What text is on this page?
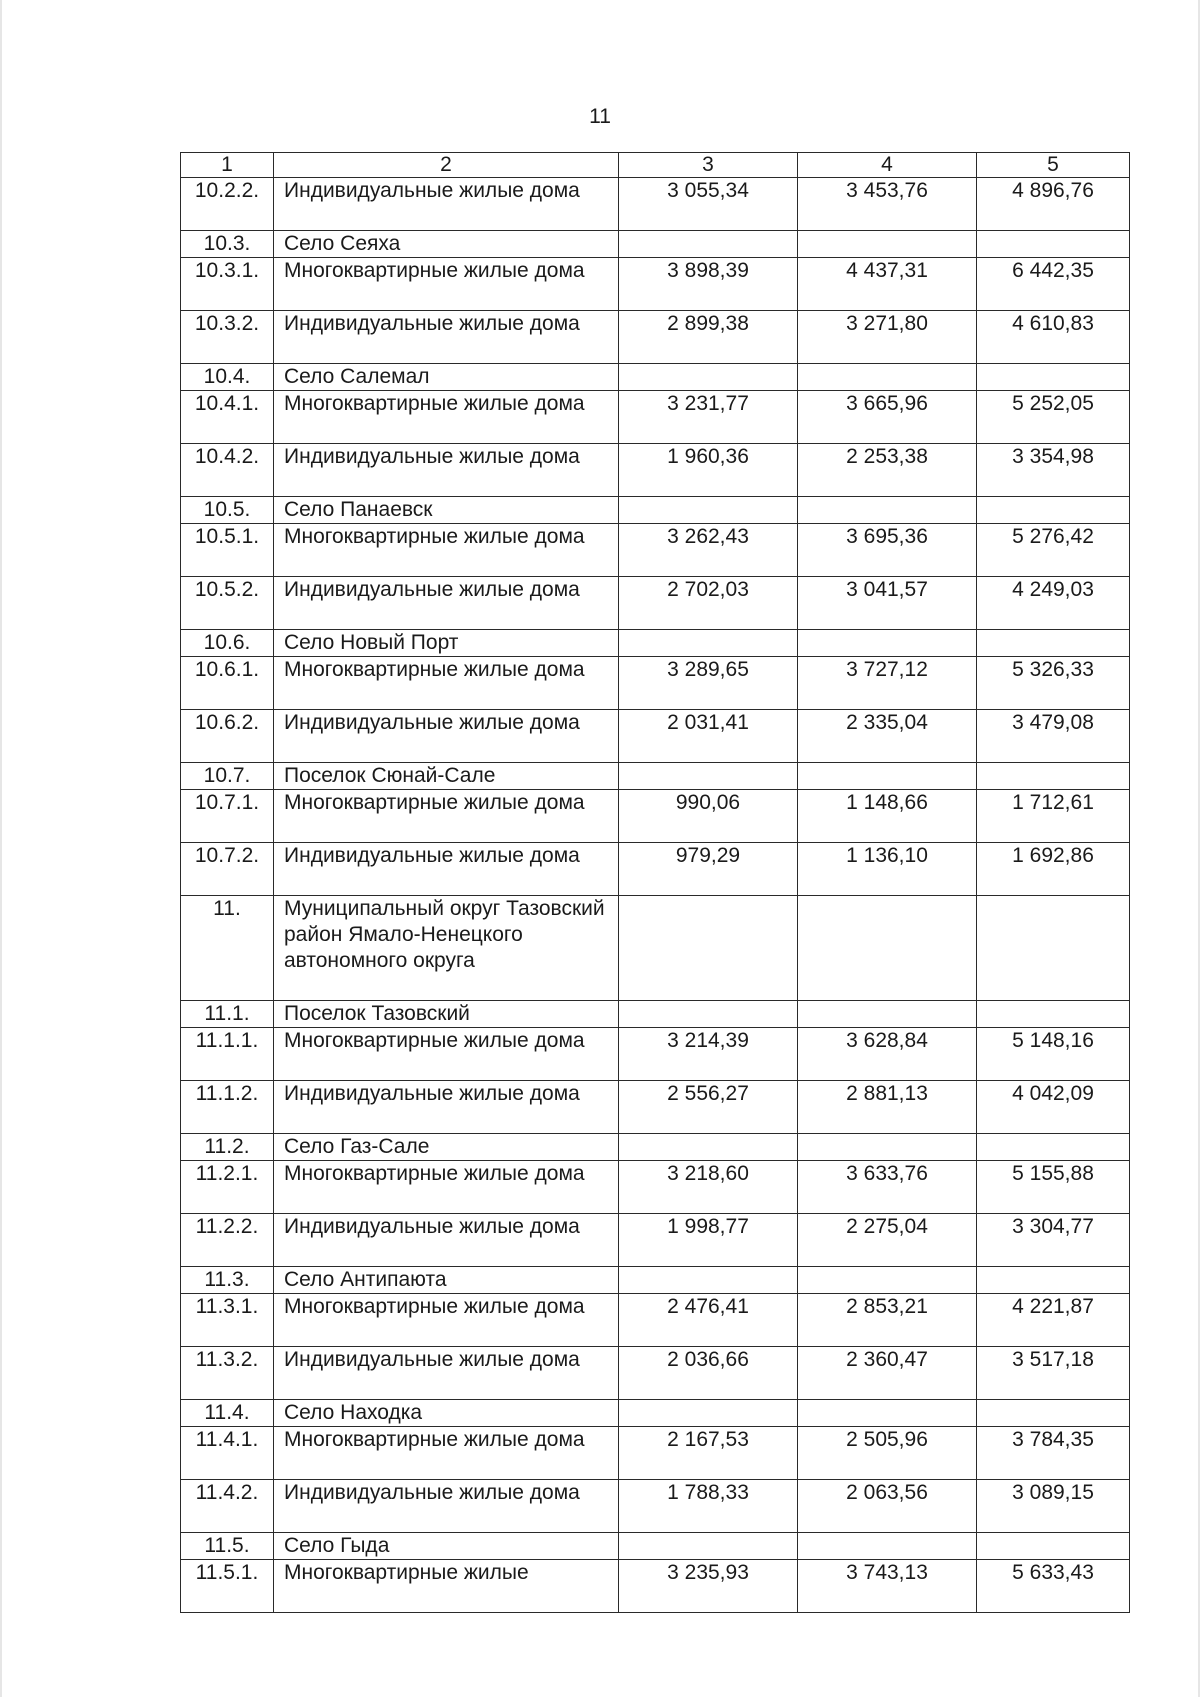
11
1	2	3	4	5
10.2.2.	Индивидуальные жилые дома	3 055,34	3 453,76	4 896,76
10.3.	Село Сеяха			
10.3.1.	Многоквартирные жилые дома	3 898,39	4 437,31	6 442,35
10.3.2.	Индивидуальные жилые дома	2 899,38	3 271,80	4 610,83
10.4.	Село Салемал			
10.4.1.	Многоквартирные жилые дома	3 231,77	3 665,96	5 252,05
10.4.2.	Индивидуальные жилые дома	1 960,36	2 253,38	3 354,98
10.5.	Село Панаевск			
10.5.1.	Многоквартирные жилые дома	3 262,43	3 695,36	5 276,42
10.5.2.	Индивидуальные жилые дома	2 702,03	3 041,57	4 249,03
10.6.	Село Новый Порт			
10.6.1.	Многоквартирные жилые дома	3 289,65	3 727,12	5 326,33
10.6.2.	Индивидуальные жилые дома	2 031,41	2 335,04	3 479,08
10.7.	Поселок Сюнай-Сале			
10.7.1.	Многоквартирные жилые дома	990,06	1 148,66	1 712,61
10.7.2.	Индивидуальные жилые дома	979,29	1 136,10	1 692,86
11.	Муниципальный округ Тазовский район Ямало-Ненецкого автономного округа			
11.1.	Поселок Тазовский			
11.1.1.	Многоквартирные жилые дома	3 214,39	3 628,84	5 148,16
11.1.2.	Индивидуальные жилые дома	2 556,27	2 881,13	4 042,09
11.2.	Село Газ-Сале			
11.2.1.	Многоквартирные жилые дома	3 218,60	3 633,76	5 155,88
11.2.2.	Индивидуальные жилые дома	1 998,77	2 275,04	3 304,77
11.3.	Село Антипаюта			
11.3.1.	Многоквартирные жилые дома	2 476,41	2 853,21	4 221,87
11.3.2.	Индивидуальные жилые дома	2 036,66	2 360,47	3 517,18
11.4.	Село Находка			
11.4.1.	Многоквартирные жилые дома	2 167,53	2 505,96	3 784,35
11.4.2.	Индивидуальные жилые дома	1 788,33	2 063,56	3 089,15
11.5.	Село Гыда			
11.5.1.	Многоквартирные жилые	3 235,93	3 743,13	5 633,43
